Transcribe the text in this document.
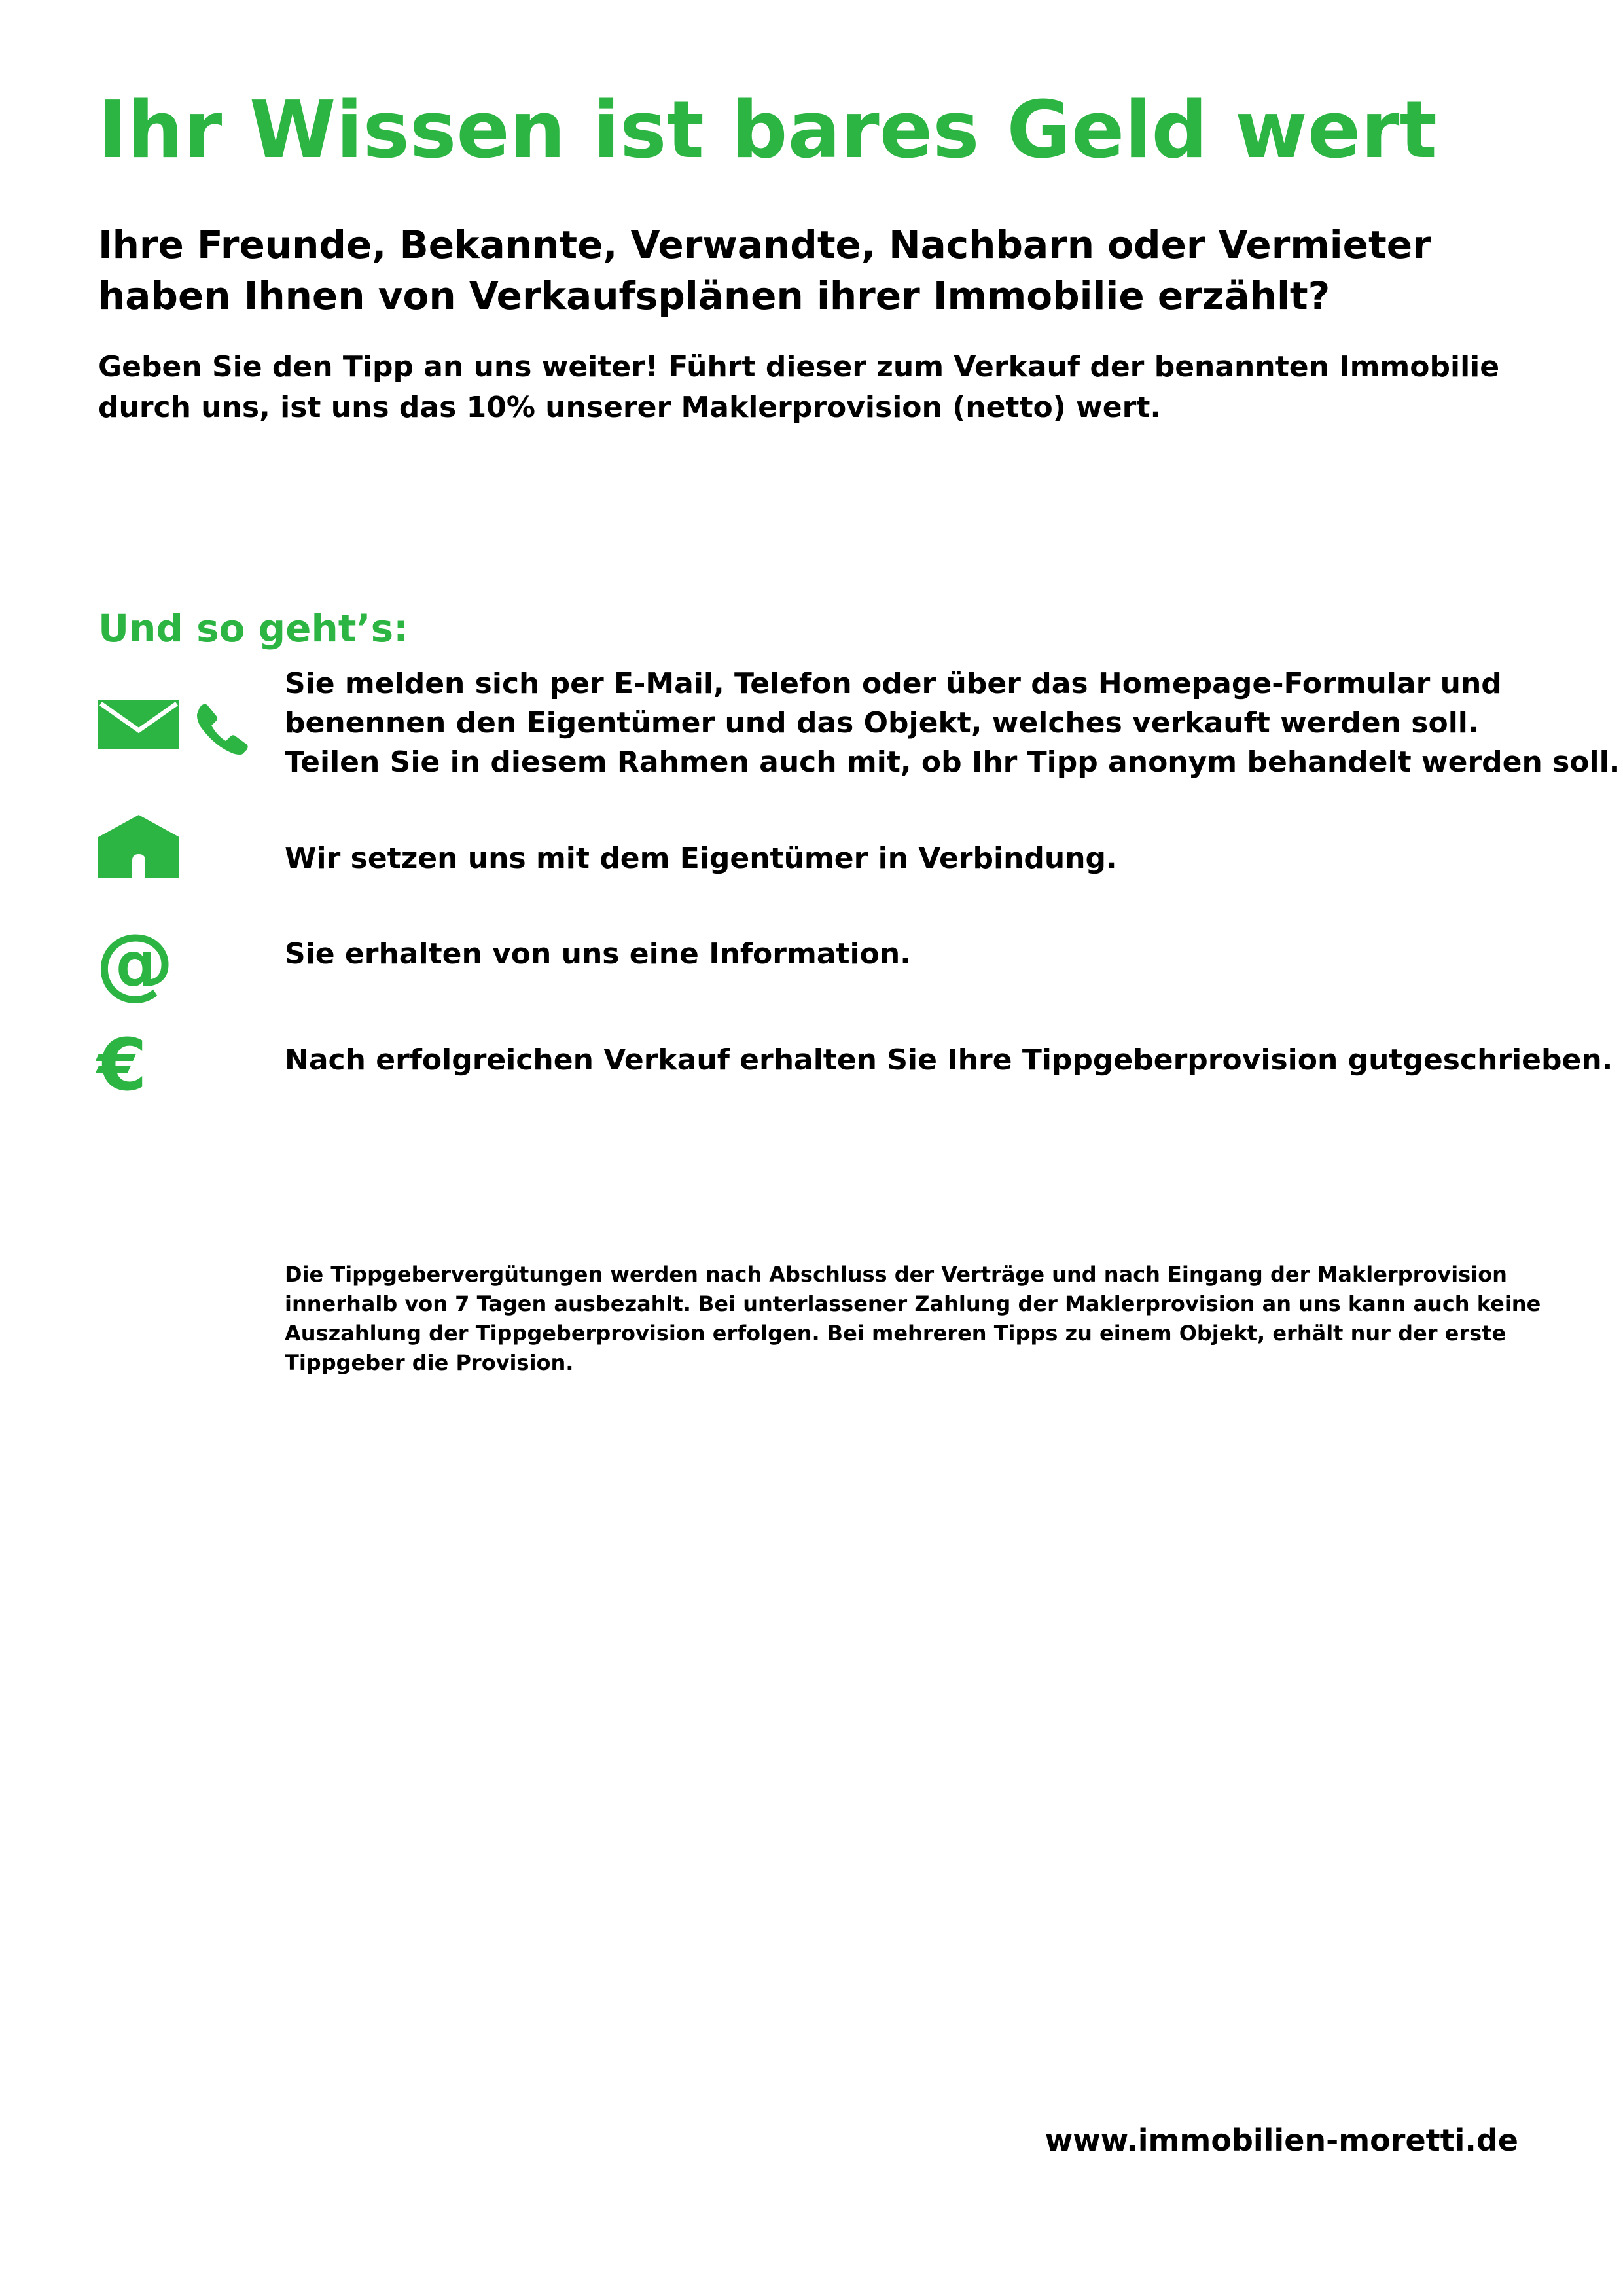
Ihr Wissen ist bares Geld wert
Ihre Freunde, Bekannte, Verwandte, Nachbarn oder Vermieter
haben Ihnen von Verkaufsplänen ihrer Immobilie erzählt?
Geben Sie den Tipp an uns weiter! Führt dieser zum Verkauf der benannten Immobilie
durch uns, ist uns das 10% unserer Maklerprovision (netto) wert.
Und so geht’s:
Sie melden sich per E-Mail, Telefon oder über das Homepage-Formular und
benennen den Eigentümer und das Objekt, welches verkauft werden soll.
Teilen Sie in diesem Rahmen auch mit, ob Ihr Tipp anonym behandelt werden soll.
Wir setzen uns mit dem Eigentümer in Verbindung.
@	Sie erhalten von uns eine Information.
€	Nach erfolgreichen Verkauf erhalten Sie Ihre Tippgeberprovision gutgeschrieben.
Die Tippgebervergütungen werden nach Abschluss der Verträge und nach Eingang der Maklerprovision
innerhalb von 7 Tagen ausbezahlt. Bei unterlassener Zahlung der Maklerprovision an uns kann auch keine
Auszahlung der Tippgeberprovision erfolgen. Bei mehreren Tipps zu einem Objekt, erhält nur der erste
Tippgeber die Provision.

www.immobilien-moretti.de
